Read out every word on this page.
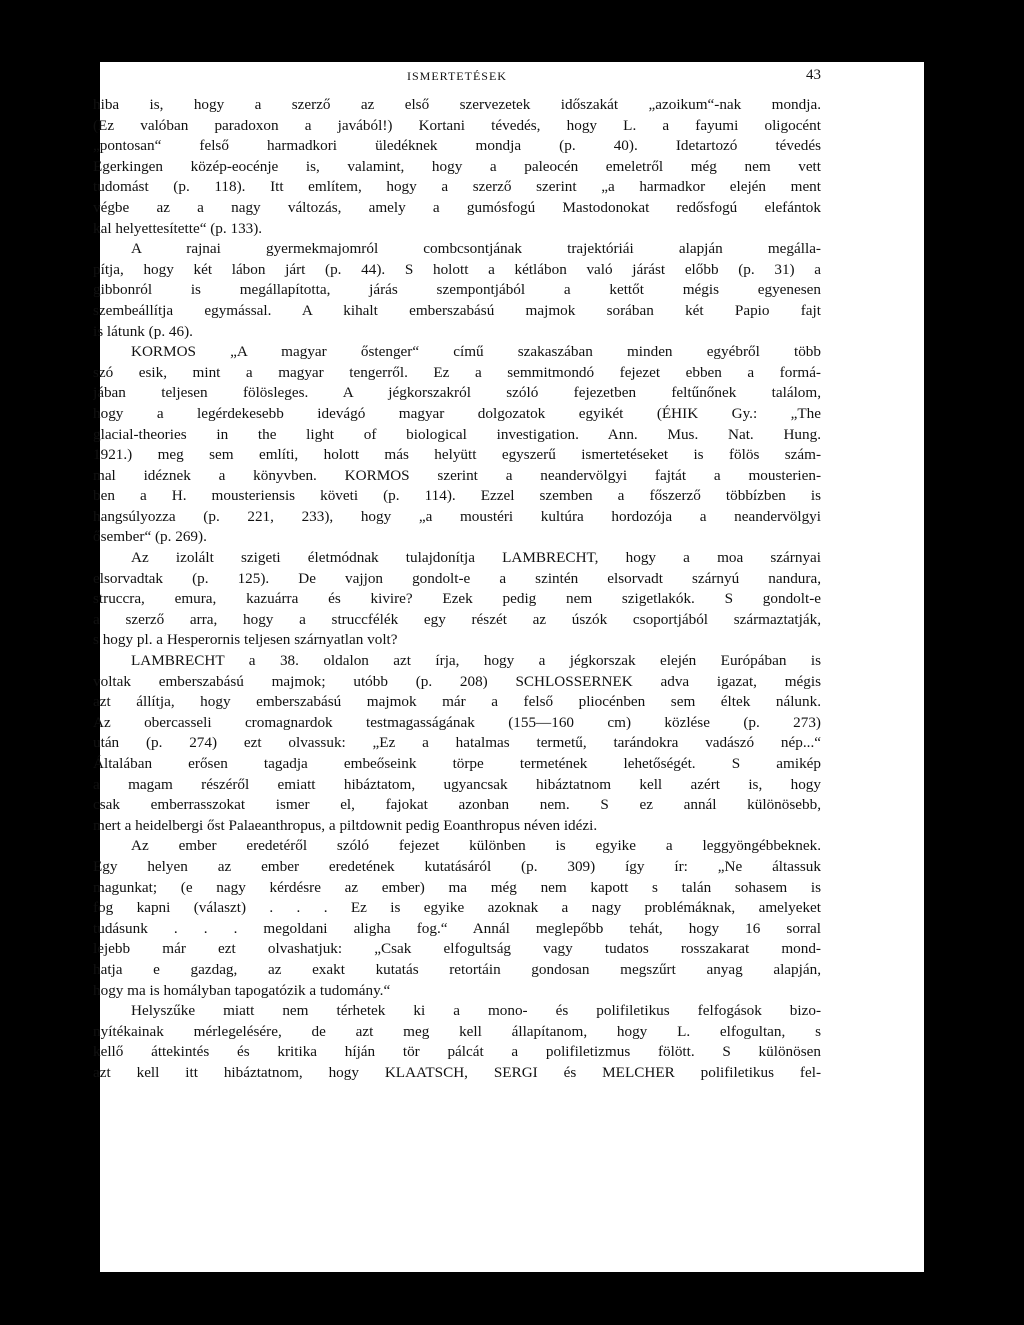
ISMERTETÉSEK	43
hiba is, hogy a szerző az első szervezetek időszakát „azoikum“-nak mondja.
(Ez valóban paradoxon a javából!) Kortani tévedés, hogy L. a fayumi oligocént
„pontosan“ felső harmadkori üledéknek mondja (p. 40). Idetartozó tévedés
Egerkingen közép-eocénje is, valamint, hogy a paleocén emeletről még nem vett
tudomást (p. 118). Itt említem, hogy a szerző szerint „a harmadkor elején ment
végbe az a nagy változás, amely a gumósfogú Mastodonokat redősfogú elefántok
kal helyettesítette“ (p. 133).
A rajnai gyermekmajomról combcsontjának trajektóriái alapján megálla-
pítja, hogy két lábon járt (p. 44). S holott a kétlábon való járást előbb (p. 31) a
gibbonról is megállapította, járás szempontjából a kettőt mégis egyenesen
szembeállítja egymással. A kihalt emberszabású majmok sorában két Papio fajt
is látunk (p. 46).
KORMOS „A magyar őstenger“ című szakaszában minden egyébről több
szó esik, mint a magyar tengerről. Ez a semmitmondó fejezet ebben a formá-
jában teljesen fölösleges. A jégkorszakról szóló fejezetben feltűnőnek találom,
hogy a legérdekesebb idevágó magyar dolgozatok egyikét (ÉHIK Gy.: „The
glacial-theories in the light of biological investigation. Ann. Mus. Nat. Hung.
1921.) meg sem említi, holott más helyütt egyszerű ismertetéseket is fölös szám-
mal idéznek a könyvben. KORMOS szerint a neandervölgyi fajtát a mousterien-
ben a H. mousteriensis követi (p. 114). Ezzel szemben a főszerző többízben is
hangsúlyozza (p. 221, 233), hogy „a moustéri kultúra hordozója a neandervölgyi
ősember“ (p. 269).
Az izolált szigeti életmódnak tulajdonítja LAMBRECHT, hogy a moa szárnyai
elsorvadtak (p. 125). De vajjon gondolt-e a szintén elsorvadt szárnyú nandura,
struccra, emura, kazuárra és kivire? Ezek pedig nem szigetlakók. S gondolt-e
a szerző arra, hogy a struccfélék egy részét az úszók csoportjából származtatják,
s hogy pl. a Hesperornis teljesen szárnyatlan volt?
LAMBRECHT a 38. oldalon azt írja, hogy a jégkorszak elején Európában is
voltak emberszabású majmok; utóbb (p. 208) SCHLOSSERNEK adva igazat, mégis
azt állítja, hogy emberszabású majmok már a felső pliocénben sem éltek nálunk.
Az obercasseli cromagnardok testmagasságának (155—160 cm) közlése (p. 273)
után (p. 274) ezt olvassuk: „Ez a hatalmas termetű, tarándokra vadászó nép...“
Általában erősen tagadja embeőseink törpe termetének lehetőségét. S amikép
a magam részéről emiatt hibáztatom, ugyancsak hibáztatnom kell azért is, hogy
csak emberrasszokat ismer el, fajokat azonban nem. S ez annál különösebb,
mert a heidelbergi őst Palaeanthropus, a piltdownit pedig Eoanthropus néven idézi.
Az ember eredetéről szóló fejezet különben is egyike a leggyöngébbeknek.
Egy helyen az ember eredetének kutatásáról (p. 309) így ír: „Ne áltassuk
magunkat; (e nagy kérdésre az ember) ma még nem kapott s talán sohasem is
fog kapni (választ) . . . Ez is egyike azoknak a nagy problémáknak, amelyeket
tudásunk . . . megoldani aligha fog.“ Annál meglepőbb tehát, hogy 16 sorral
lejebb már ezt olvashatjuk: „Csak elfogultság vagy tudatos rosszakarat mond-
hatja e gazdag, az exakt kutatás retortáin gondosan megszűrt anyag alapján,
hogy ma is homályban tapogatózik a tudomány.“
Helyszűke miatt nem térhetek ki a mono- és polifiletikus felfogások bizo-
nyítékainak mérlegelésére, de azt meg kell állapítanom, hogy L. elfogultan, s
kellő áttekintés és kritika híján tör pálcát a polifiletizmus fölött. S különösen
azt kell itt hibáztatnom, hogy KLAATSCH, SERGI és MELCHER polifiletikus fel-
